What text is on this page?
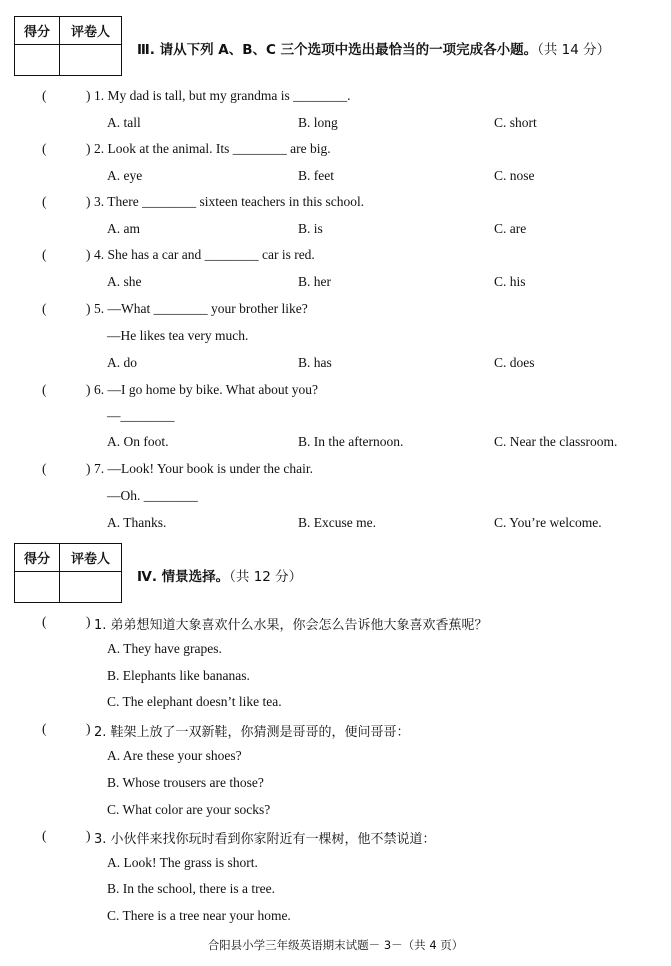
得分	评卷人
Ⅲ. 请从下列 A、B、C 三个选项中选出最恰当的一项完成各小题。（共 14 分）
(	) 1. My dad is tall, but my grandma is ________.
A. tall	B. long	C. short
(	) 2. Look at the animal. Its ________ are big.
A. eye	B. feet	C. nose
(	) 3. There ________ sixteen teachers in this school.
A. am	B. is	C. are
(	) 4. She has a car and ________ car is red.
A. she	B. her	C. his
(	) 5. —What ________ your brother like?
—He likes tea very much.
A. do	B. has	C. does
(	) 6. —I go home by bike. What about you?
—________
A. On foot.	B. In the afternoon.	C. Near the classroom.
(	) 7. —Look! Your book is under the chair.
—Oh. ________
A. Thanks.	B. Excuse me.	C. You’re welcome.
得分	评卷人
Ⅳ. 情景选择。（共 12 分）
(	) 1. 弟弟想知道大象喜欢什么水果，你会怎么告诉他大象喜欢香蕉呢？
A. They have grapes.
B. Elephants like bananas.
C. The elephant doesn’t like tea.
(	) 2. 鞋架上放了一双新鞋，你猜测是哥哥的，便问哥哥：
A. Are these your shoes?
B. Whose trousers are those?
C. What color are your socks?
(	) 3. 小伙伴来找你玩时看到你家附近有一棵树，他不禁说道：
A. Look! The grass is short.
B. In the school, there is a tree.
C. There is a tree near your home.
合阳县小学三年级英语期末试题－ 3－（共 4 页）
